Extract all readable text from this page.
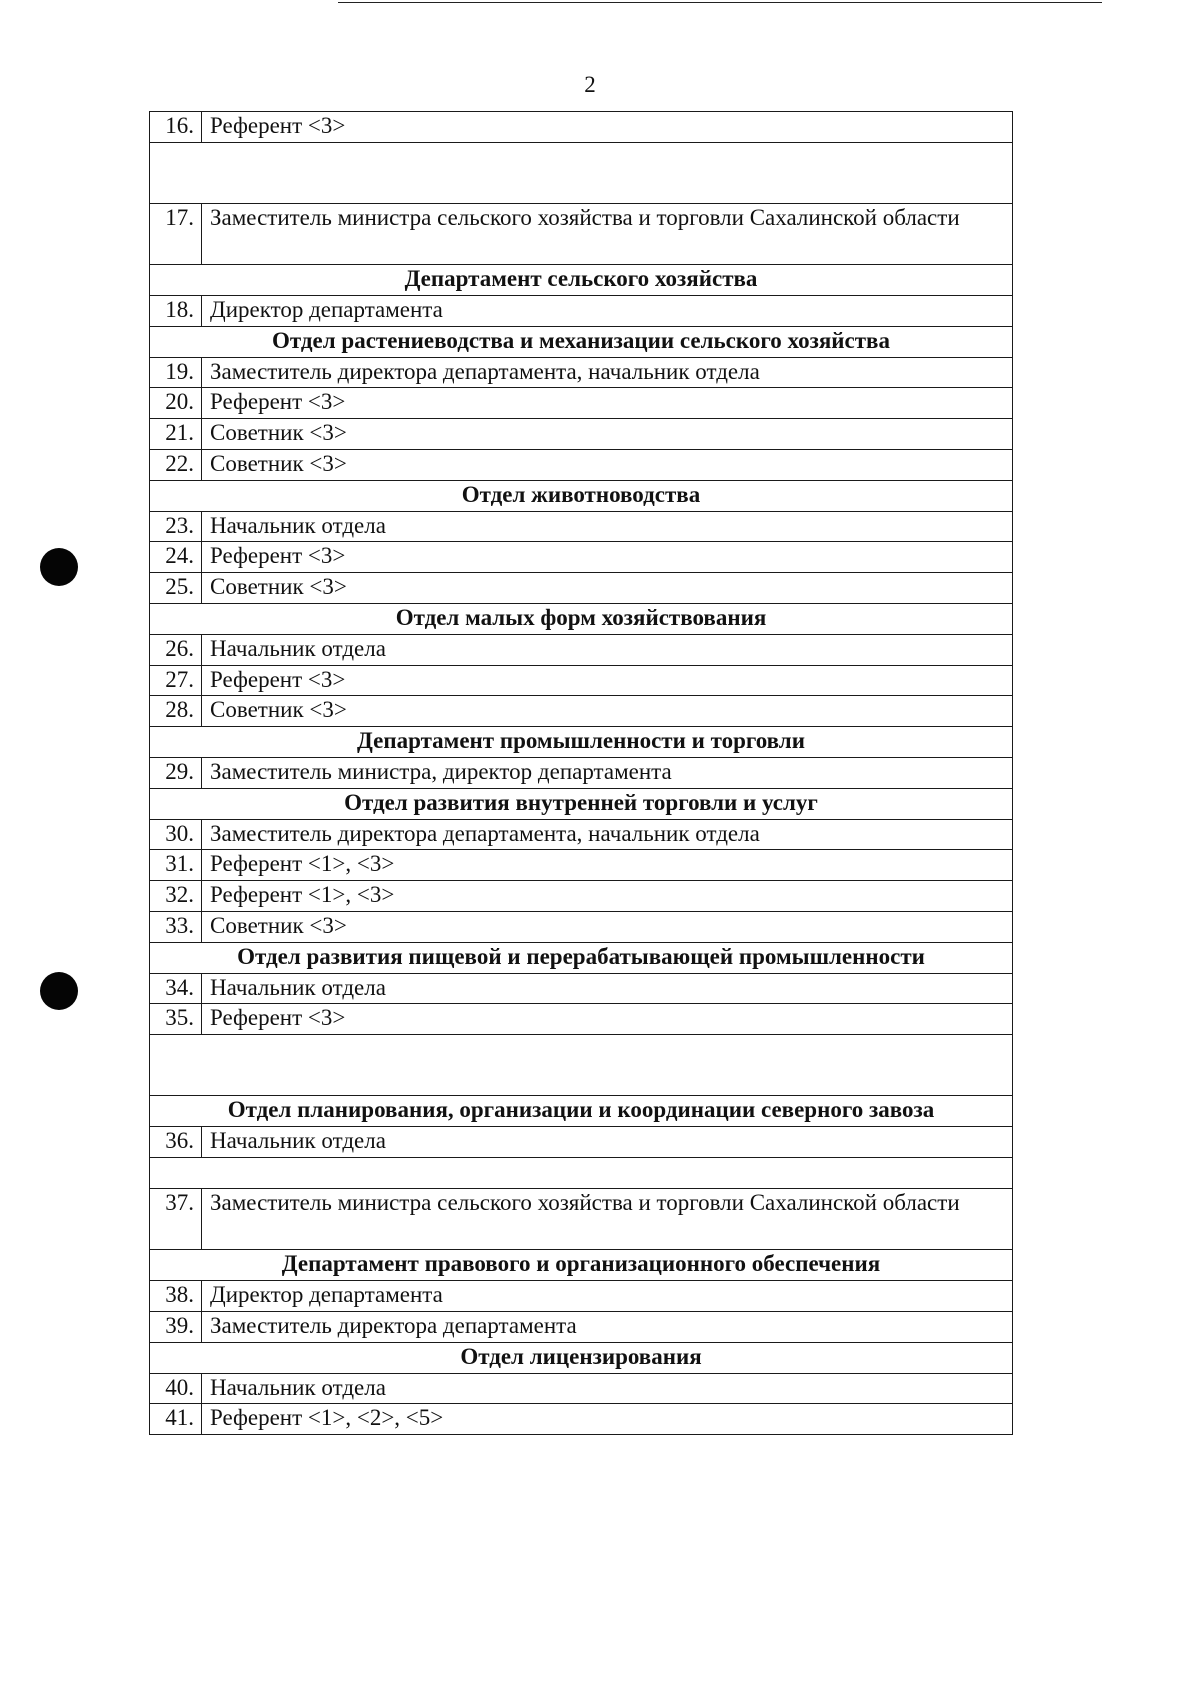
2
16.	Референт <3>

17.	Заместитель министра сельского хозяйства и торговли Сахалинской области
Департамент сельского хозяйства	
18.	Директор департамента
Отдел растениеводства и механизации сельского хозяйства	
19.	Заместитель директора департамента, начальник отдела
20.	Референт <3>
21.	Советник <3>
22.	Советник <3>
Отдел животноводства	
23.	Начальник отдела
24.	Референт <3>
25.	Советник <3>
Отдел малых форм хозяйствования	
26.	Начальник отдела
27.	Референт <3>
28.	Советник <3>
Департамент промышленности и торговли	
29.	Заместитель министра, директор департамента
Отдел развития внутренней торговли и услуг	
30.	Заместитель директора департамента, начальник отдела
31.	Референт <1>, <3>
32.	Референт <1>, <3>
33.	Советник <3>
Отдел развития пищевой и перерабатывающей промышленности	
34.	Начальник отдела
35.	Референт <3>

Отдел планирования, организации и координации северного завоза	
36.	Начальник отдела

37.	Заместитель министра сельского хозяйства и торговли Сахалинской области
Департамент правового и организационного обеспечения	
38.	Директор департамента
39.	Заместитель директора департамента
Отдел лицензирования	
40.	Начальник отдела
41.	Референт <1>, <2>, <5>
